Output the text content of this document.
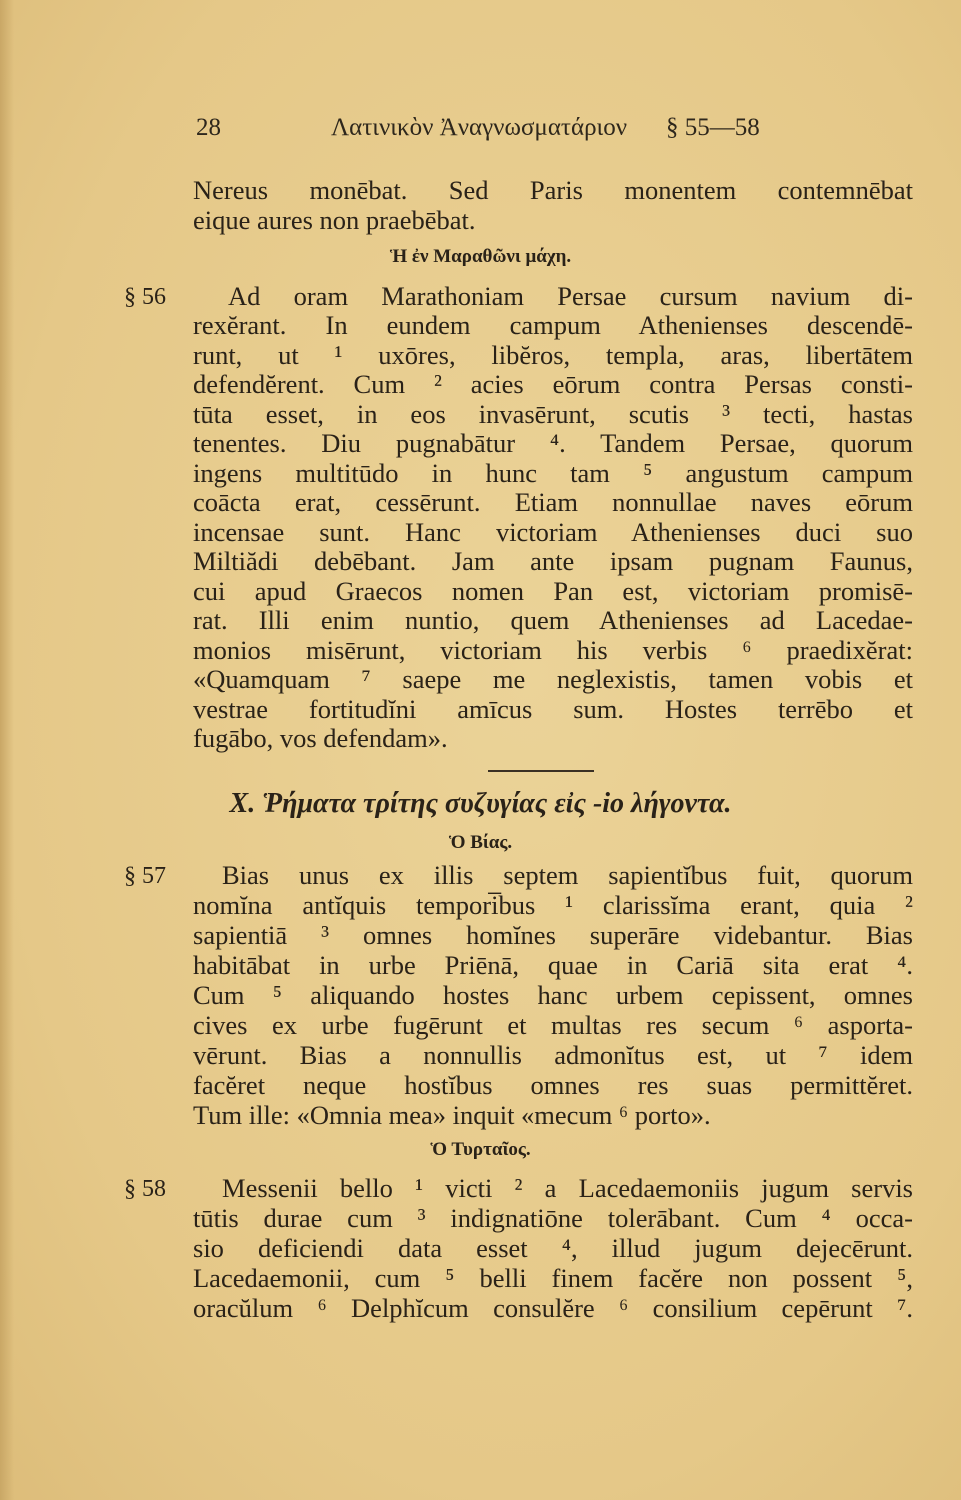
28	Λατινικὸν Ἀναγνωσματάριον § 55—58
Nereus monēbat. Sed Paris monentem contemnēbat
eique aures non praebēbat.
Ἡ ἐν Μαραθῶνι μάχη.
§ 56 Ad oram Marathoniam Persae cursum navium di-
rexĕrant. In eundem campum Athenienses descendē-
runt, ut ¹ uxōres, libĕros, templa, aras, libertātem
defendĕrent. Cum ² acies eōrum contra Persas consti-
tūta esset, in eos invasērunt, scutis ³ tecti, hastas
tenentes. Diu pugnabātur ⁴. Tandem Persae, quorum
ingens multitūdo in hunc tam ⁵ angustum campum
coācta erat, cessērunt. Etiam nonnullae naves eōrum
incensae sunt. Hanc victoriam Athenienses duci suo
Miltiădi debēbant. Jam ante ipsam pugnam Faunus,
cui apud Graecos nomen Pan est, victoriam promisē-
rat. Illi enim nuntio, quem Athenienses ad Lacedae-
monios misērunt, victoriam his verbis ⁶ praedixĕrat:
«Quamquam ⁷ saepe me neglexistis, tamen vobis et
vestrae fortitudĭni amīcus sum. Hostes terrēbo et
fugābo, vos defendam».
X. Ῥήματα τρίτης συζυγίας εἰς -io λήγοντα.
Ὁ Βίας.
§ 57 Bias unus ex illis septem sapientĭbus fuit, quorum
nomĭna antĭquis tempori̅bus ¹ clarissĭma erant, quia ²
sapientiā ³ omnes homĭnes superāre videbantur. Bias
habitābat in urbe Priēnā, quae in Cariā sita erat ⁴.
Cum ⁵ aliquando hostes hanc urbem cepissent, omnes
cives ex urbe fugērunt et multas res secum ⁶ asporta-
vērunt. Bias a nonnullis admonĭtus est, ut ⁷ idem
facĕret neque hostĭbus omnes res suas permittĕret.
Tum ille: «Omnia mea» inquit «mecum ⁶ porto».
Ὁ Τυρταῖος.
§ 58 Messenii bello ¹ victi ² a Lacedaemoniis jugum servis
tūtis durae cum ³ indignatiōne tolerābant. Cum ⁴ occa-
sio deficiendi data esset ⁴, illud jugum dejecērunt.
Lacedaemonii, cum ⁵ belli finem facĕre non possent ⁵,
oracŭlum ⁶ Delphĭcum consulĕre ⁶ consilium cepērunt ⁷.
